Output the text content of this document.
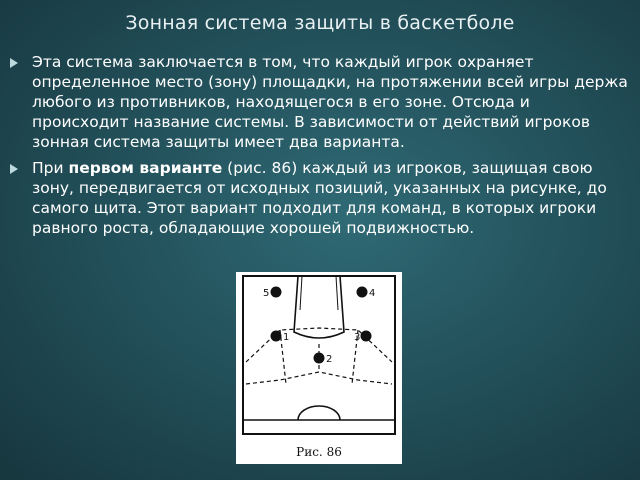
Зонная система защиты в баскетболе
Эта система заключается в том, что каждый игрок охраняет определенное место (зону) площадки, на протяжении всей игры держа любого из противников, находящегося в его зоне. Отсюда и происходит название системы. В зависимости от действий игроков зонная система защиты имеет два варианта.
При первом варианте (рис. 86) каждый из игроков, защищая свою зону, передвигается от исходных позиций, указанных на рисунке, до самого щита. Этот вариант подходит для команд, в которых игроки равного роста, обладающие хорошей подвижностью.
5	4
1	3
2
Рис. 86
